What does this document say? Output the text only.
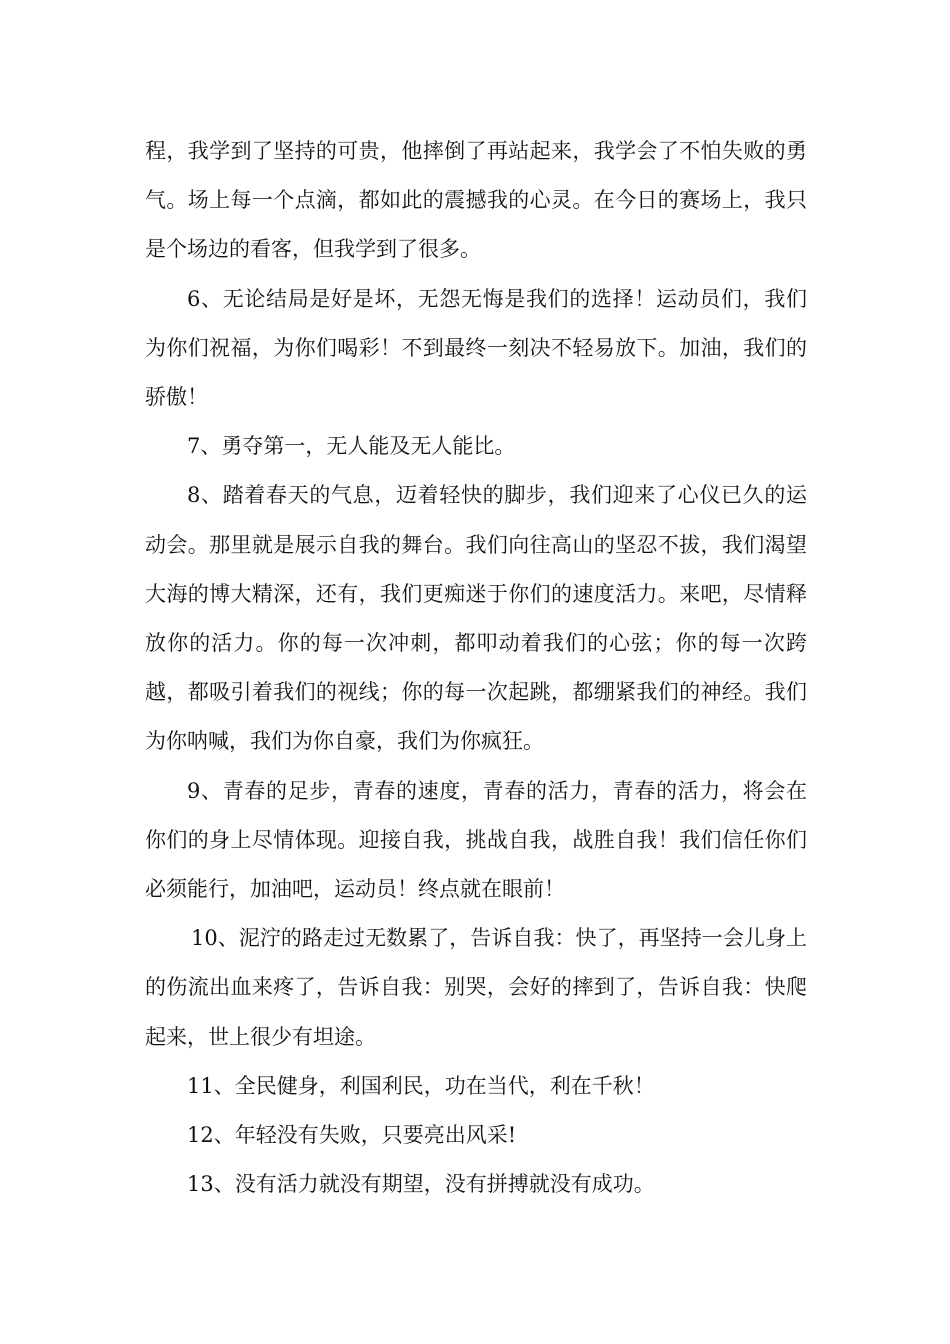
程，我学到了坚持的可贵，他摔倒了再站起来，我学会了不怕失败的勇气。场上每一个点滴，都如此的震撼我的心灵。在今日的赛场上，我只是个场边的看客，但我学到了很多。

6、无论结局是好是坏，无怨无悔是我们的选择！运动员们，我们为你们祝福，为你们喝彩！不到最终一刻决不轻易放下。加油，我们的骄傲！

7、勇夺第一，无人能及无人能比。

8、踏着春天的气息，迈着轻快的脚步，我们迎来了心仪已久的运动会。那里就是展示自我的舞台。我们向往高山的坚忍不拔，我们渴望大海的博大精深，还有，我们更痴迷于你们的速度活力。来吧，尽情释放你的活力。你的每一次冲刺，都叩动着我们的心弦；你的每一次跨越，都吸引着我们的视线；你的每一次起跳，都绷紧我们的神经。我们为你呐喊，我们为你自豪，我们为你疯狂。

9、青春的足步，青春的速度，青春的活力，青春的活力，将会在你们的身上尽情体现。迎接自我，挑战自我，战胜自我！我们信任你们必须能行，加油吧，运动员！终点就在眼前！

10、泥泞的路走过无数累了，告诉自我：快了，再坚持一会儿身上的伤流出血来疼了，告诉自我：别哭，会好的摔到了，告诉自我：快爬起来，世上很少有坦途。

11、全民健身，利国利民，功在当代，利在千秋！

12、年轻没有失败，只要亮出风采!

13、没有活力就没有期望，没有拼搏就没有成功。
